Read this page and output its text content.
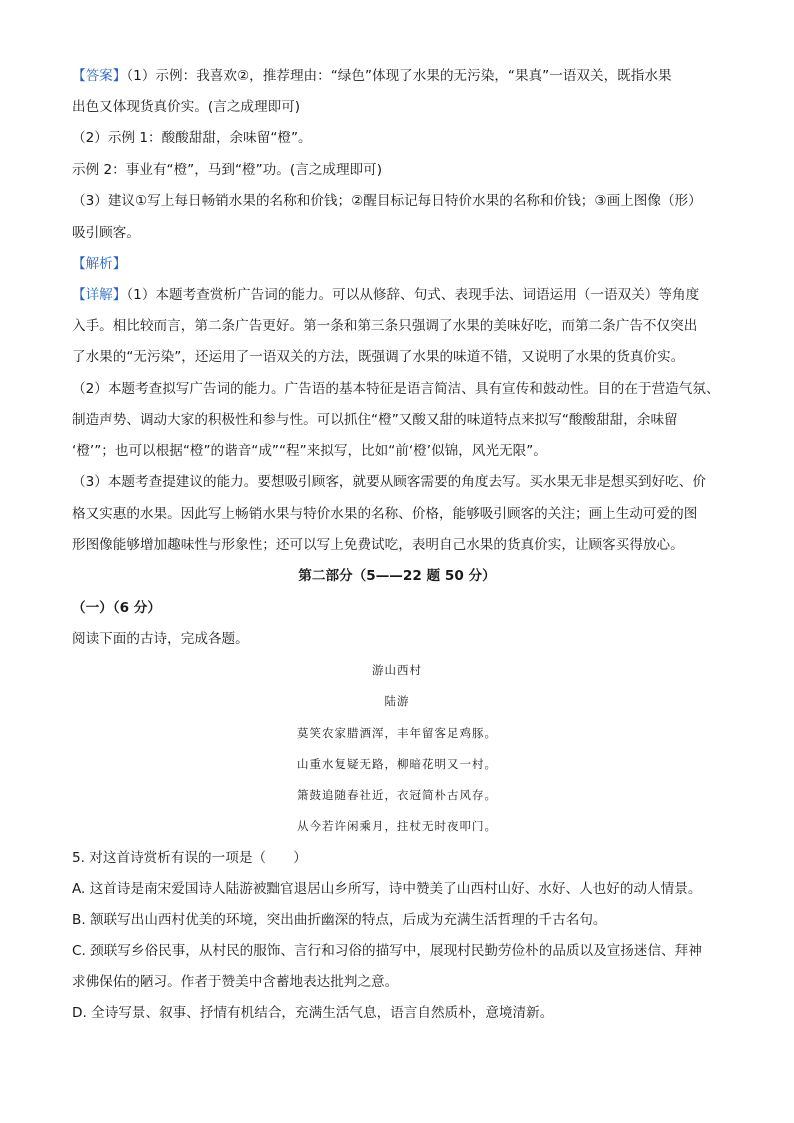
【答案】（1）示例：我喜欢②，推荐理由：“绿色”体现了水果的无污染，“果真”一语双关，既指水果
出色又体现货真价实。(言之成理即可)
（2）示例 1：酸酸甜甜，余味留“橙”。
示例 2：事业有“橙”，马到“橙”功。(言之成理即可)
（3）建议①写上每日畅销水果的名称和价钱；②醒目标记每日特价水果的名称和价钱；③画上图像（形）
吸引顾客。
【解析】
【详解】（1）本题考查赏析广告词的能力。可以从修辞、句式、表现手法、词语运用（一语双关）等角度
入手。相比较而言，第二条广告更好。第一条和第三条只强调了水果的美味好吃，而第二条广告不仅突出
了水果的“无污染”，还运用了一语双关的方法，既强调了水果的味道不错，又说明了水果的货真价实。
（2）本题考查拟写广告词的能力。广告语的基本特征是语言简洁、具有宣传和鼓动性。目的在于营造气氛、
制造声势、调动大家的积极性和参与性。可以抓住“橙”又酸又甜的味道特点来拟写“酸酸甜甜，余味留
‘橙’”；也可以根据“橙”的谐音“成”“程”来拟写，比如“前‘橙’似锦，风光无限”。
（3）本题考查提建议的能力。要想吸引顾客，就要从顾客需要的角度去写。买水果无非是想买到好吃、价
格又实惠的水果。因此写上畅销水果与特价水果的名称、价格，能够吸引顾客的关注；画上生动可爱的图
形图像能够增加趣味性与形象性；还可以写上免费试吃，表明自己水果的货真价实，让顾客买得放心。
第二部分（5——22 题 50 分）
（一）（6 分）
阅读下面的古诗，完成各题。
游山西村
陆游
莫笑农家腊酒浑，丰年留客足鸡豚。
山重水复疑无路，柳暗花明又一村。
箫鼓追随春社近，衣冠简朴古风存。
从今若许闲乘月，拄杖无时夜叩门。
5. 对这首诗赏析有误的一项是（　　）
A. 这首诗是南宋爱国诗人陆游被黜官退居山乡所写，诗中赞美了山西村山好、水好、人也好的动人情景。
B. 颔联写出山西村优美的环境，突出曲折幽深的特点，后成为充满生活哲理的千古名句。
C. 颈联写乡俗民事，从村民的服饰、言行和习俗的描写中，展现村民勤劳俭朴的品质以及宣扬迷信、拜神
求佛保佑的陋习。作者于赞美中含蓄地表达批判之意。
D. 全诗写景、叙事、抒情有机结合，充满生活气息，语言自然质朴，意境清新。
